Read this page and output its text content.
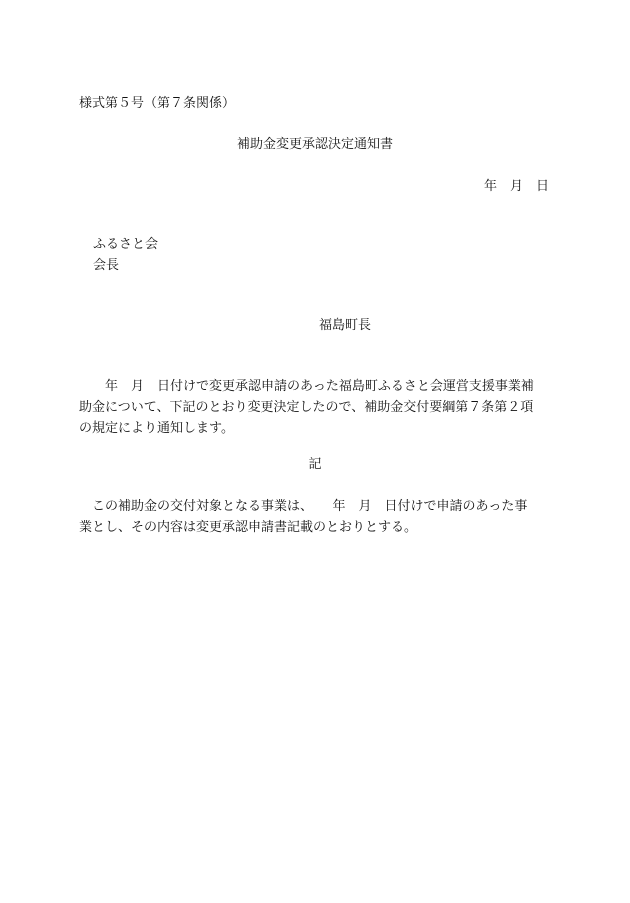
様式第５号（第７条関係）
補助金変更承認決定通知書
年　月　日
ふるさと会
会長
福島町長

　　年　月　日付けで変更承認申請のあった福島町ふるさと会運営支援事業補

助金について、下記のとおり変更決定したので、補助金交付要綱第７条第２項

の規定により通知します。

記

　この補助金の交付対象となる事業は、　　年　月　日付けで申請のあった事

業とし、その内容は変更承認申請書記載のとおりとする。
